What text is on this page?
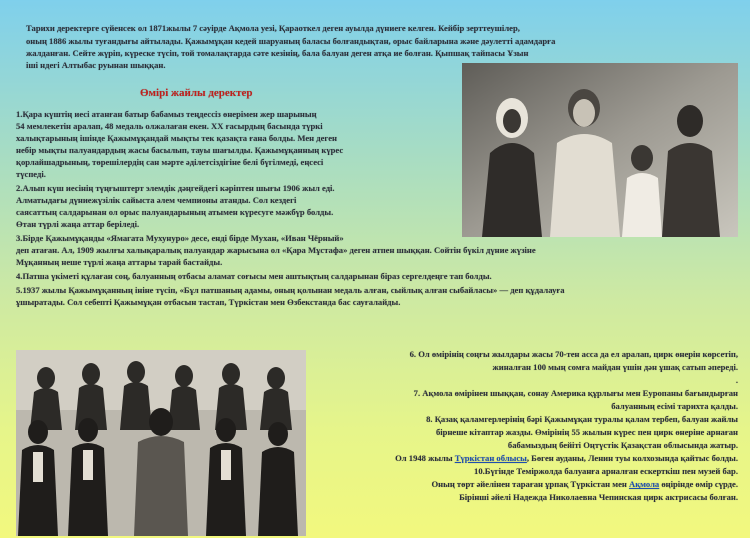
Тарихи деректерге сүйенсек ол 1871жылы 7 сәуірде Ақмола уезі, Қараоткел деген ауылда дүниеге келген. Кейбір зерттеушілер,
оның 1886 жылы туғандығы айтылады. Қажымұқан кедей шаруаның баласы болғандықтан, орыс байларына және дәулетті адамдарға
жалданған. Сейте жүріп, күреске түсіп, той томалақтарда сәте кезінің, бала балуан деген атқа ие болған. Қыпшақ тайпасы Ұзын
іші ндегі Алтыбас руынан шыққан.
Өмірі жайлы деректер
1.Қара күштің иесі атанған батыр бабамыз теңдессіз өнерімен жер шарының
54 мемлекетін аралап, 48 медаль олжалаған екен. ХХ ғасырдың басында түркі
халықтарының ішінде Қажымұқандай мықты тек қазақта ғана болды. Мен деген
небір мықты палуандардың жасы басылып, тауы шағылды. Қажымұқанның күрес
қорлайшадрының, төрешілердің сан мәрте әділетсіздігіне белі бүгілмеді, еңсесі
түспеді.
2.Алып күш иесінің түңғыштерт элемдік дәңгейдегі кәріптен шығы 1906 жыл еді.
Алматыдағы дүниежүзілік сайыста әлем чемпионы атанды. Сол кездегі
саясаттың салдарынан ол орыс палуандарының атымен күресуге мәжбүр болды.
Өтан түрлі жаңа аттар беріледі.
3.Бірде Қажымұқанды «Ямагата Мухунуро» десе, енді бірде Мухан, «Иван Чёрный»
деп атаған. Ал, 1909 жылғы халықаралық палуандар жарысына ол «Қара Мұстафа» деген атпен шыққан. Сойтін бүкіл дүние жүзіне
Мұқанның неше түрлі жаңа аттары тарай бастайды.
4.Патша үкіметі құлаған соң, балуанның отбасы аламат соғысы мен аштықтың салдарынан біраз сергелдеңге тап болды.
5.1937 жылы Қажымұқанның ініне түсіп, «Бұл патшаның адамы, оның қолынан медаль алған, сыйлық алған сыбайласы» — деп құдалауға
ұшыратады. Сол себепті Қажымұқан отбасын тастап, Түркістан мен Өзбекстанда бас сауғалайды.
6. Ол өмірінің соңғы жылдары жасы 70-тен асса да ел аралап, цирк өнерін көрсетіп,
жиналған 100 мың сомға майдан үшін дән ұшақ сатып әпереді.
.
7. Ақмола өмірінен шыққан, сонау Америка құрлығы мен Еуропаны бағындырған
балуанның есімі тарихта қалды.
8. Қазақ қаламгерлерінің бәрі Қажымұқан туралы қалам тербеп, балуан жайлы
бірнеше кітаптар жазды. Өмірінің 55 жылын күрес пен цирк өнеріне арнаған
бабамыздың бейіті Оңтүстік Қазақстан облысында жатыр.
Ол 1948 жылы Түркістан облысы, Бөген ауданы, Ленин туы колхозында қайтыс болды.
10.Бүгінде Теміржолда балуанға арналған ескерткіш пен музей бар.
Оның төрт әйелінен тараған ұрпақ Түркістан мен Ақмола өңірінде өмір сүрде.
Бірінші әйелі Надежда Николаевна Чепинская цирк актрисасы болған.
